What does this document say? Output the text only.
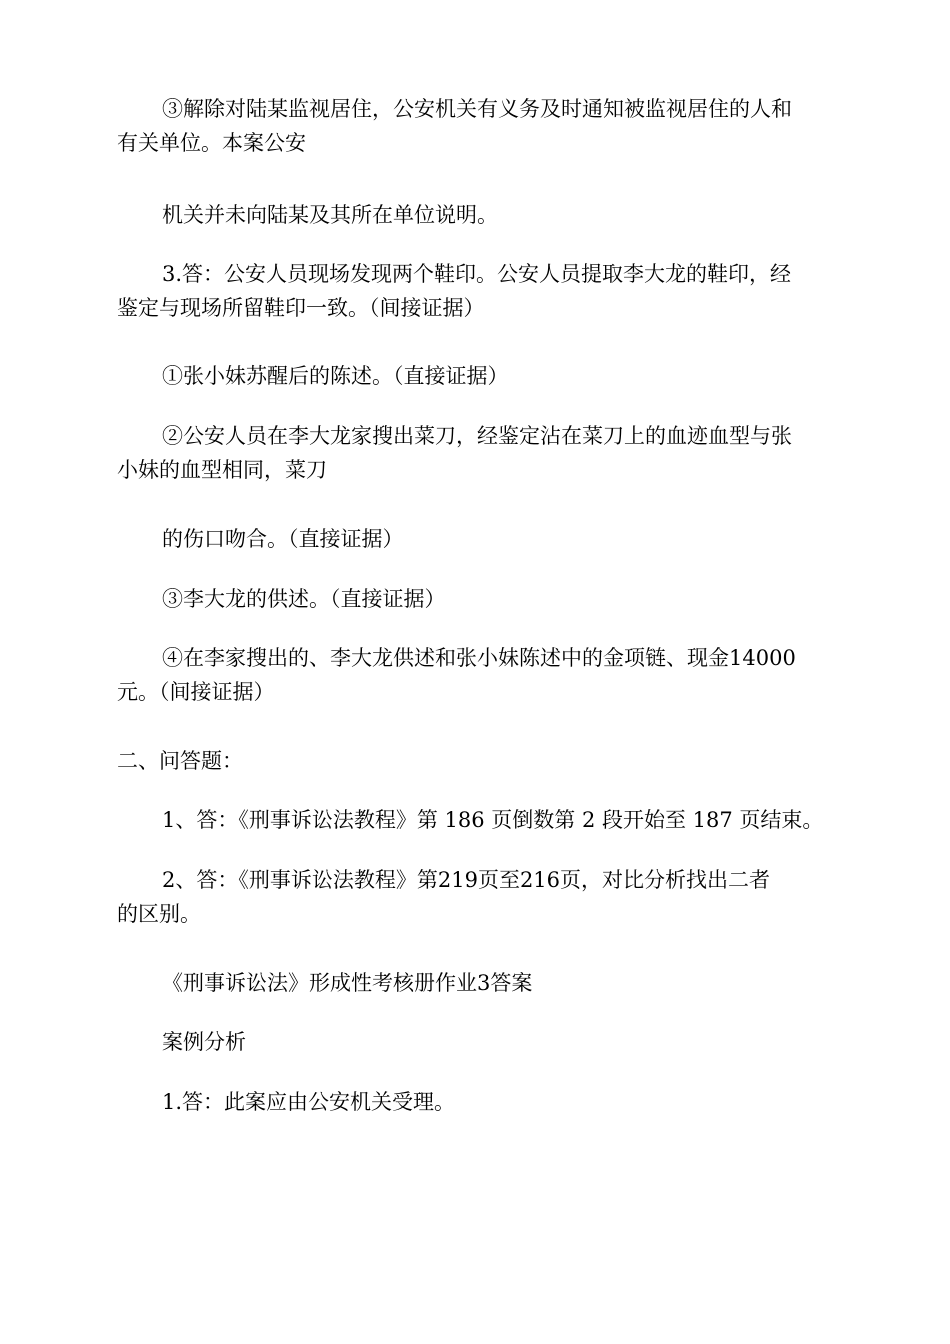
③解除对陆某监视居住，公安机关有义务及时通知被监视居住的人和
有关单位。本案公安
机关并未向陆某及其所在单位说明。
3.答：公安人员现场发现两个鞋印。公安人员提取李大龙的鞋印，经
鉴定与现场所留鞋印一致。（间接证据）
①张小妹苏醒后的陈述。（直接证据）
②公安人员在李大龙家搜出菜刀，经鉴定沾在菜刀上的血迹血型与张
小妹的血型相同，菜刀
的伤口吻合。（直接证据）
③李大龙的供述。（直接证据）
④在李家搜出的、李大龙供述和张小妹陈述中的金项链、现金14000
元。（间接证据）
二、问答题：
1、答：《刑事诉讼法教程》第 186 页倒数第 2 段开始至 187 页结束。
2、答：《刑事诉讼法教程》第219页至216页，对比分析找出二者
的区别。
《刑事诉讼法》形成性考核册作业3答案
案例分析
1.答：此案应由公安机关受理。
